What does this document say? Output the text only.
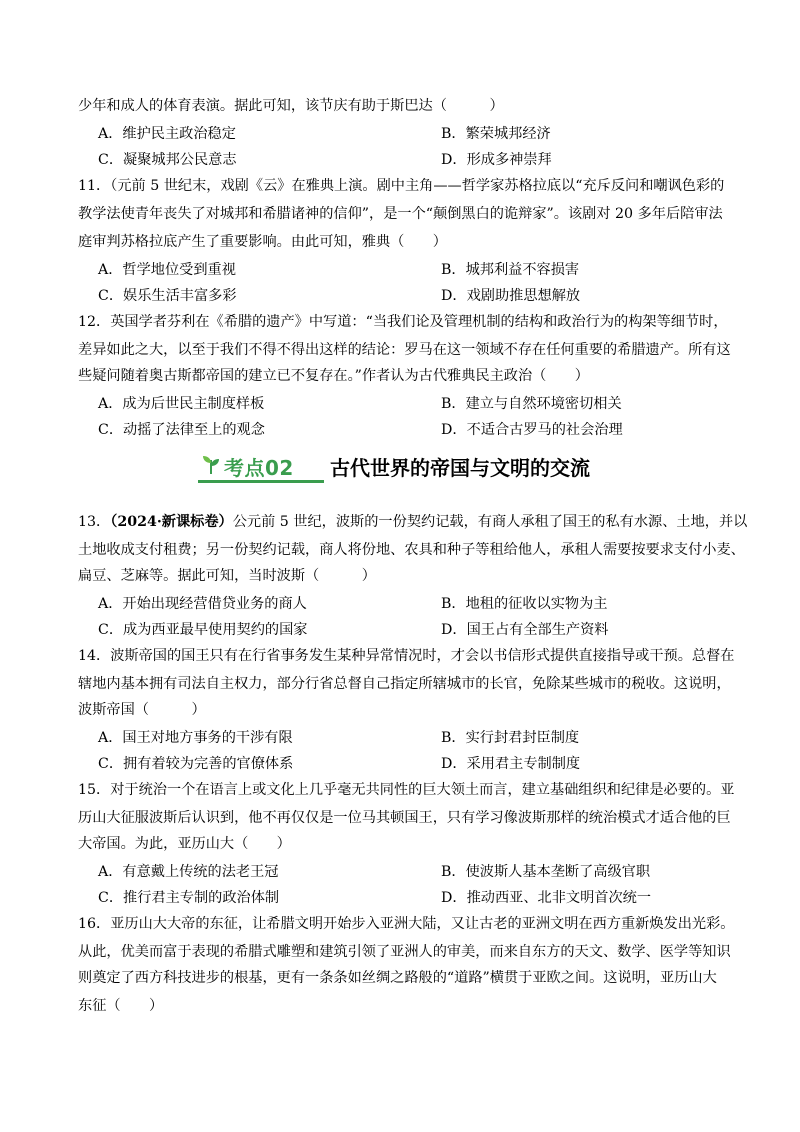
少年和成人的体育表演。据此可知，该节庆有助于斯巴达（　　　）
A．维护民主政治稳定	B．繁荣城邦经济
C．凝聚城邦公民意志	D．形成多神崇拜
11．（元前 5 世纪末，戏剧《云》在雅典上演。剧中主角——哲学家苏格拉底以“充斥反问和嘲讽色彩的
教学法使青年丧失了对城邦和希腊诸神的信仰”，是一个“颠倒黑白的诡辩家”。该剧对 20 多年后陪审法
庭审判苏格拉底产生了重要影响。由此可知，雅典（　　）
A．哲学地位受到重视	B．城邦利益不容损害
C．娱乐生活丰富多彩	D．戏剧助推思想解放
12．英国学者芬利在《希腊的遗产》中写道：“当我们论及管理机制的结构和政治行为的构架等细节时，
差异如此之大，以至于我们不得不得出这样的结论：罗马在这一领域不存在任何重要的希腊遗产。所有这
些疑问随着奥古斯都帝国的建立已不复存在。”作者认为古代雅典民主政治（　　）
A．成为后世民主制度样板	B．建立与自然环境密切相关
C．动摇了法律至上的观念	D．不适合古罗马的社会治理
考点02 古代世界的帝国与文明的交流
13．（2024·新课标卷）公元前 5 世纪，波斯的一份契约记载，有商人承租了国王的私有水源、土地，并以
土地收成支付租费；另一份契约记载，商人将份地、农具和种子等租给他人，承租人需要按要求支付小麦、
扁豆、芝麻等。据此可知，当时波斯（　　　）
A．开始出现经营借贷业务的商人	B．地租的征收以实物为主
C．成为西亚最早使用契约的国家	D．国王占有全部生产资料
14．波斯帝国的国王只有在行省事务发生某种异常情况时，才会以书信形式提供直接指导或干预。总督在
辖地内基本拥有司法自主权力，部分行省总督自己指定所辖城市的长官，免除某些城市的税收。这说明，
波斯帝国（　　　）
A．国王对地方事务的干涉有限	B．实行封君封臣制度
C．拥有着较为完善的官僚体系	D．采用君主专制制度
15．对于统治一个在语言上或文化上几乎毫无共同性的巨大领土而言，建立基础组织和纪律是必要的。亚
历山大征服波斯后认识到，他不再仅仅是一位马其顿国王，只有学习像波斯那样的统治模式才适合他的巨
大帝国。为此，亚历山大（　　）
A．有意戴上传统的法老王冠	B．使波斯人基本垄断了高级官职
C．推行君主专制的政治体制	D．推动西亚、北非文明首次统一
16．亚历山大大帝的东征，让希腊文明开始步入亚洲大陆，又让古老的亚洲文明在西方重新焕发出光彩。
从此，优美而富于表现的希腊式雕塑和建筑引领了亚洲人的审美，而来自东方的天文、数学、医学等知识
则奠定了西方科技进步的根基，更有一条条如丝绸之路般的“道路”横贯于亚欧之间。这说明，亚历山大
东征（　　）
